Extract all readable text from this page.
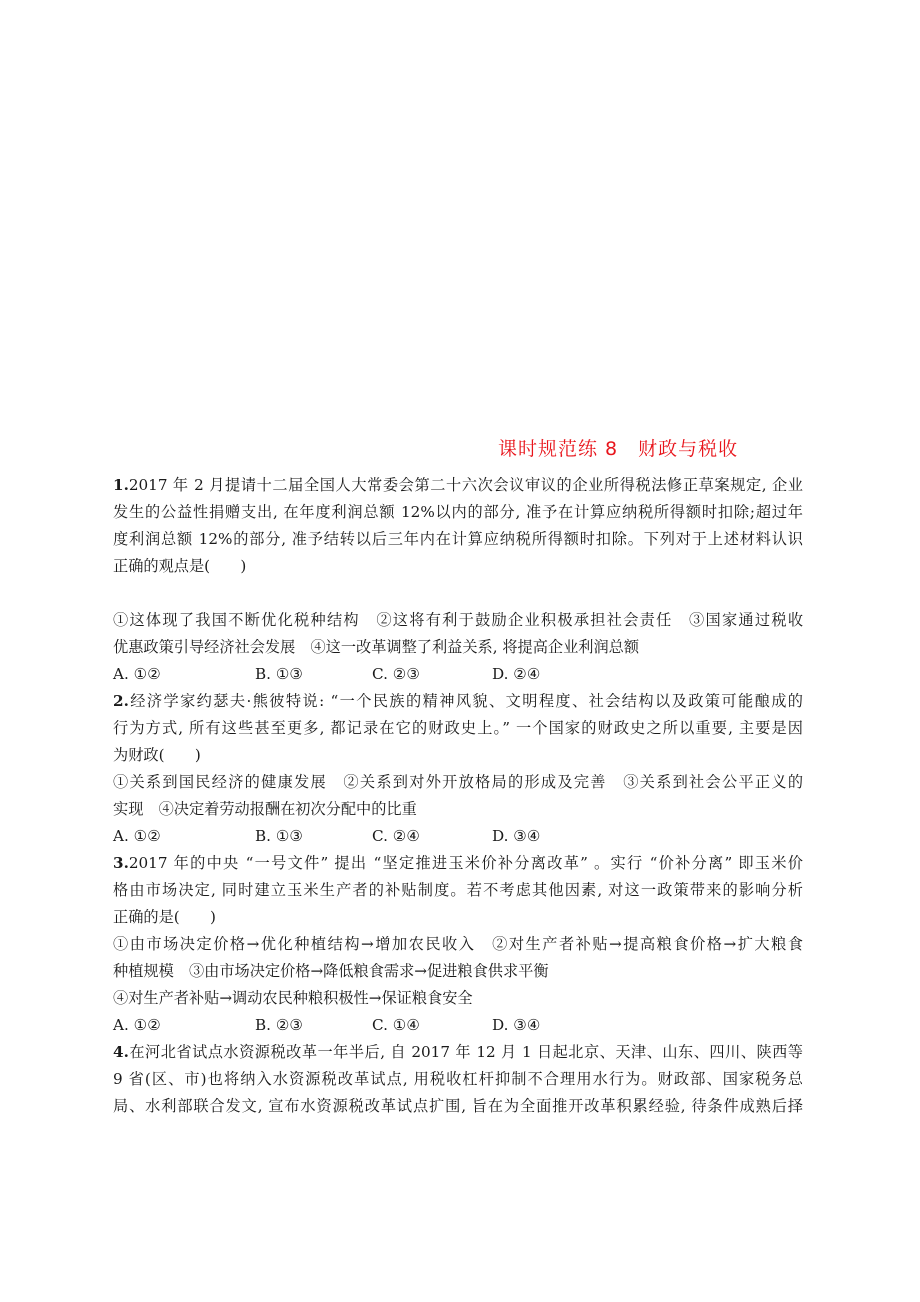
课时规范练 8　财政与税收
1.2017 年 2 月提请十二届全国人大常委会第二十六次会议审议的企业所得税法修正草案规定, 企业
发生的公益性捐赠支出, 在年度利润总额 12%以内的部分, 准予在计算应纳税所得额时扣除;超过年
度利润总额 12%的部分, 准予结转以后三年内在计算应纳税所得额时扣除。下列对于上述材料认识
正确的观点是(　　)
①这体现了我国不断优化税种结构　②这将有利于鼓励企业积极承担社会责任　③国家通过税收
优惠政策引导经济社会发展　④这一改革调整了利益关系, 将提高企业利润总额
A. ①②	B. ①③	C. ②③	D. ②④
2.经济学家约瑟夫·熊彼特说: “一个民族的精神风貌、文明程度、社会结构以及政策可能酿成的
行为方式, 所有这些甚至更多, 都记录在它的财政史上。” 一个国家的财政史之所以重要, 主要是因
为财政(　　)
①关系到国民经济的健康发展　②关系到对外开放格局的形成及完善　③关系到社会公平正义的
实现　④决定着劳动报酬在初次分配中的比重
A. ①②	B. ①③	C. ②④	D. ③④
3.2017 年的中央 “一号文件” 提出 “坚定推进玉米价补分离改革” 。实行 “价补分离” 即玉米价
格由市场决定, 同时建立玉米生产者的补贴制度。若不考虑其他因素, 对这一政策带来的影响分析
正确的是(　　)
①由市场决定价格→优化种植结构→增加农民收入　②对生产者补贴→提高粮食价格→扩大粮食
种植规模　③由市场决定价格→降低粮食需求→促进粮食供求平衡
④对生产者补贴→调动农民种粮积极性→保证粮食安全
A. ①②	B. ②③	C. ①④	D. ③④
4.在河北省试点水资源税改革一年半后, 自 2017 年 12 月 1 日起北京、天津、山东、四川、陕西等
9 省(区、市)也将纳入水资源税改革试点, 用税收杠杆抑制不合理用水行为。财政部、国家税务总
局、水利部联合发文, 宣布水资源税改革试点扩围, 旨在为全面推开改革积累经验, 待条件成熟后择
